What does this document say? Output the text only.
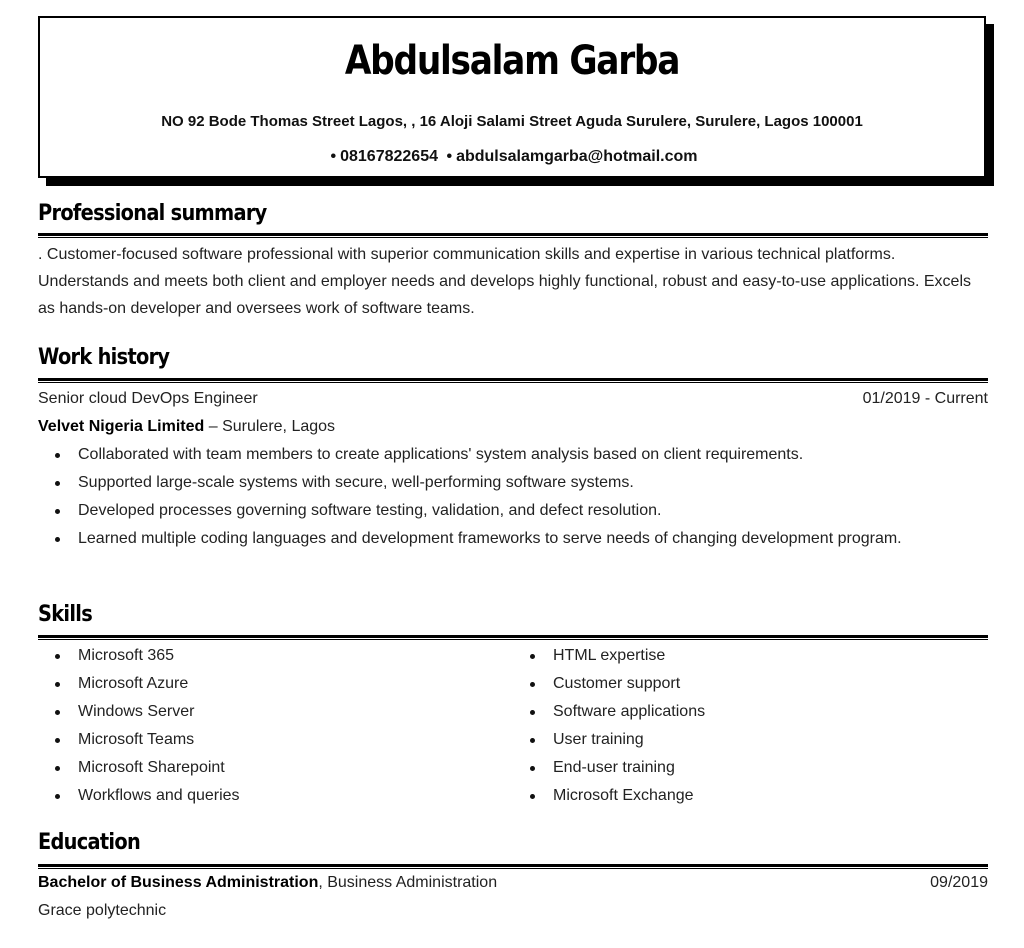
Abdulsalam Garba
NO 92 Bode Thomas Street Lagos, , 16 Aloji Salami Street Aguda Surulere, Surulere, Lagos 100001
• 08167822654 • abdulsalamgarba@hotmail.com
Professional summary
. Customer-focused software professional with superior communication skills and expertise in various technical platforms. Understands and meets both client and employer needs and develops highly functional, robust and easy-to-use applications. Excels as hands-on developer and oversees work of software teams.
Work history
Senior cloud DevOps Engineer	01/2019 - Current
Velvet Nigeria Limited – Surulere, Lagos
Collaborated with team members to create applications' system analysis based on client requirements.
Supported large-scale systems with secure, well-performing software systems.
Developed processes governing software testing, validation, and defect resolution.
Learned multiple coding languages and development frameworks to serve needs of changing development program.
Skills
Microsoft 365
Microsoft Azure
Windows Server
Microsoft Teams
Microsoft Sharepoint
Workflows and queries
HTML expertise
Customer support
Software applications
User training
End-user training
Microsoft Exchange
Education
Bachelor of Business Administration, Business Administration	09/2019
Grace polytechnic
